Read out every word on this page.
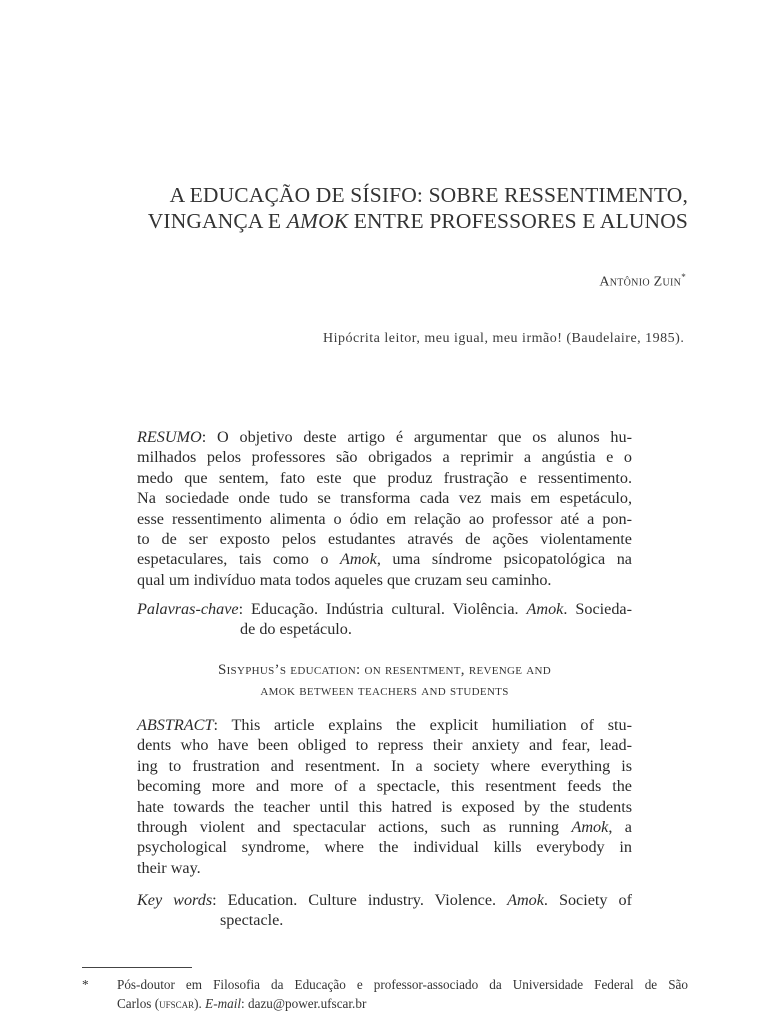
A EDUCAÇÃO DE SÍSIFO: SOBRE RESSENTIMENTO,
VINGANÇA E AMOK ENTRE PROFESSORES E ALUNOS
Antônio Zuin*
Hipócrita leitor, meu igual, meu irmão! (Baudelaire, 1985).
RESUMO: O objetivo deste artigo é argumentar que os alunos hu-
milhados pelos professores são obrigados a reprimir a angústia e o
medo que sentem, fato este que produz frustração e ressentimento.
Na sociedade onde tudo se transforma cada vez mais em espetáculo,
esse ressentimento alimenta o ódio em relação ao professor até a pon-
to de ser exposto pelos estudantes através de ações violentamente
espetaculares, tais como o Amok, uma síndrome psicopatológica na
qual um indivíduo mata todos aqueles que cruzam seu caminho.
Palavras-chave: Educação. Indústria cultural. Violência. Amok. Socieda-
de do espetáculo.
Sisyphus’s education: on resentment, revenge and
amok between teachers and students
ABSTRACT: This article explains the explicit humiliation of stu-
dents who have been obliged to repress their anxiety and fear, lead-
ing to frustration and resentment. In a society where everything is
becoming more and more of a spectacle, this resentment feeds the
hate towards the teacher until this hatred is exposed by the students
through violent and spectacular actions, such as running Amok, a
psychological syndrome, where the individual kills everybody in
their way.
Key words: Education. Culture industry. Violence. Amok. Society of
spectacle.
* Pós-doutor em Filosofia da Educação e professor-associado da Universidade Federal de São
Carlos (ufscar). E-mail: dazu@power.ufscar.br
